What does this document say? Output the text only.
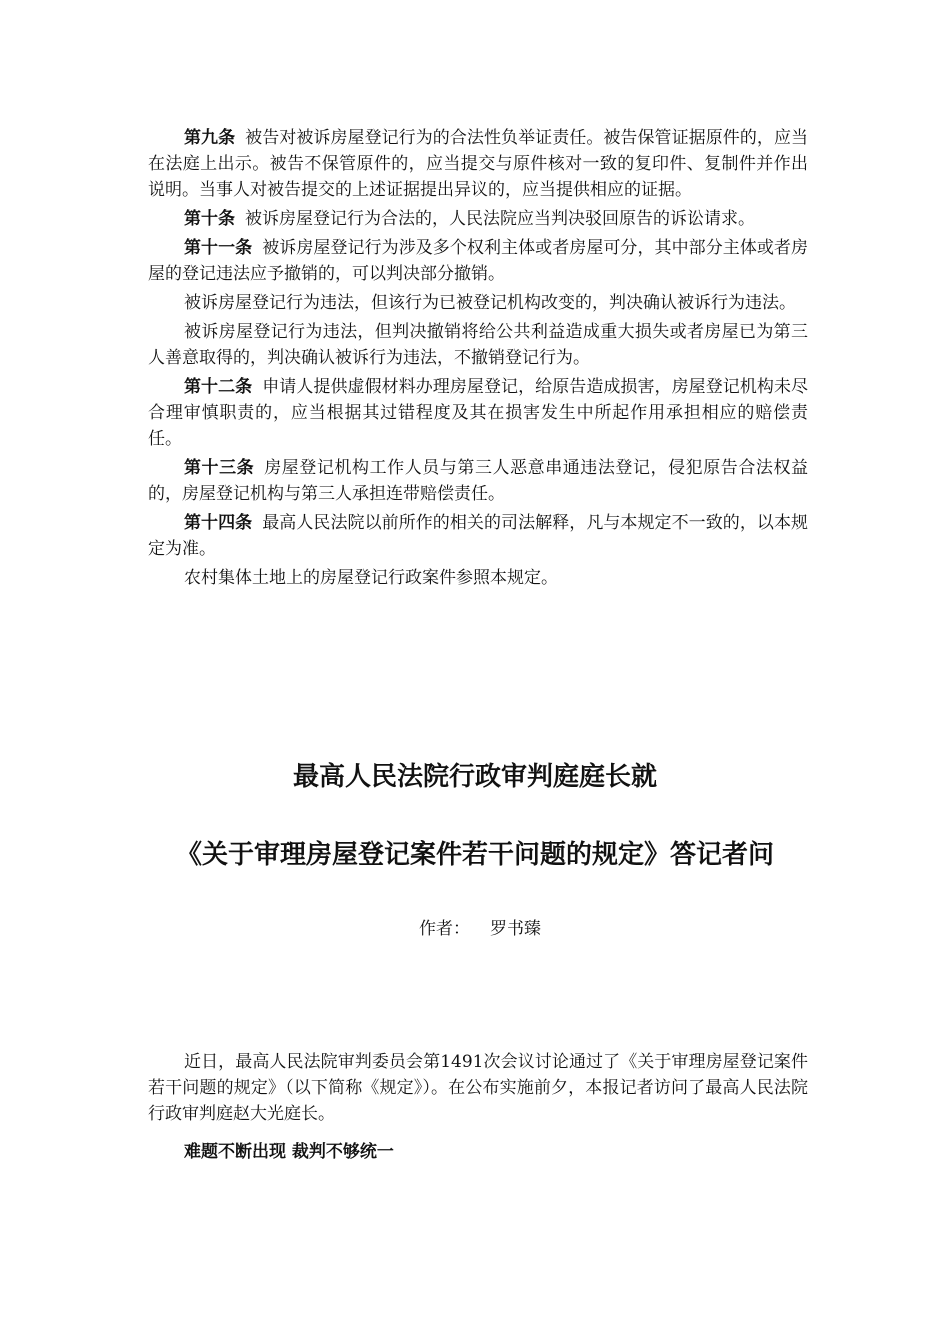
第九条 被告对被诉房屋登记行为的合法性负举证责任。被告保管证据原件的，应当在法庭上出示。被告不保管原件的，应当提交与原件核对一致的复印件、复制件并作出说明。当事人对被告提交的上述证据提出异议的，应当提供相应的证据。

第十条 被诉房屋登记行为合法的，人民法院应当判决驳回原告的诉讼请求。

第十一条 被诉房屋登记行为涉及多个权利主体或者房屋可分，其中部分主体或者房屋的登记违法应予撤销的，可以判决部分撤销。

被诉房屋登记行为违法，但该行为已被登记机构改变的，判决确认被诉行为违法。

被诉房屋登记行为违法，但判决撤销将给公共利益造成重大损失或者房屋已为第三人善意取得的，判决确认被诉行为违法，不撤销登记行为。

第十二条 申请人提供虚假材料办理房屋登记，给原告造成损害，房屋登记机构未尽合理审慎职责的，应当根据其过错程度及其在损害发生中所起作用承担相应的赔偿责任。

第十三条 房屋登记机构工作人员与第三人恶意串通违法登记，侵犯原告合法权益的，房屋登记机构与第三人承担连带赔偿责任。

第十四条 最高人民法院以前所作的相关的司法解释，凡与本规定不一致的，以本规定为准。

农村集体土地上的房屋登记行政案件参照本规定。

最高人民法院行政审判庭庭长就
《关于审理房屋登记案件若干问题的规定》答记者问
作者： 罗书臻

近日，最高人民法院审判委员会第1491次会议讨论通过了《关于审理房屋登记案件若干问题的规定》（以下简称《规定》）。在公布实施前夕，本报记者访问了最高人民法院行政审判庭赵大光庭长。

难题不断出现 裁判不够统一
